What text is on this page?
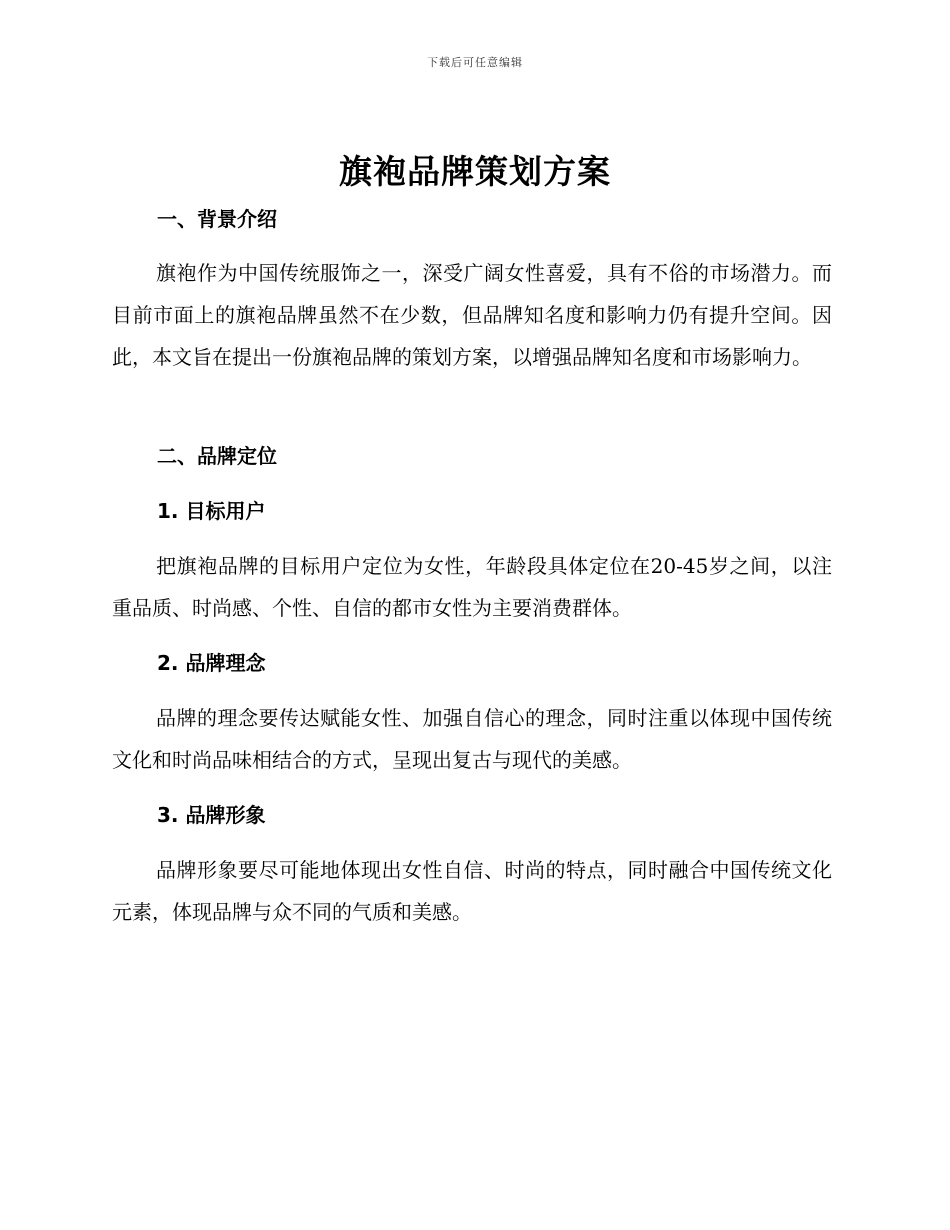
下载后可任意编辑
旗袍品牌策划方案
一、背景介绍

旗袍作为中国传统服饰之一，深受广阔女性喜爱，具有不俗的市场潜力。而目前市面上的旗袍品牌虽然不在少数，但品牌知名度和影响力仍有提升空间。因此，本文旨在提出一份旗袍品牌的策划方案，以增强品牌知名度和市场影响力。

二、品牌定位
1. 目标用户

把旗袍品牌的目标用户定位为女性，年龄段具体定位在20-45岁之间，以注重品质、时尚感、个性、自信的都市女性为主要消费群体。

2. 品牌理念

品牌的理念要传达赋能女性、加强自信心的理念，同时注重以体现中国传统文化和时尚品味相结合的方式，呈现出复古与现代的美感。

3. 品牌形象

品牌形象要尽可能地体现出女性自信、时尚的特点，同时融合中国传统文化元素，体现品牌与众不同的气质和美感。
